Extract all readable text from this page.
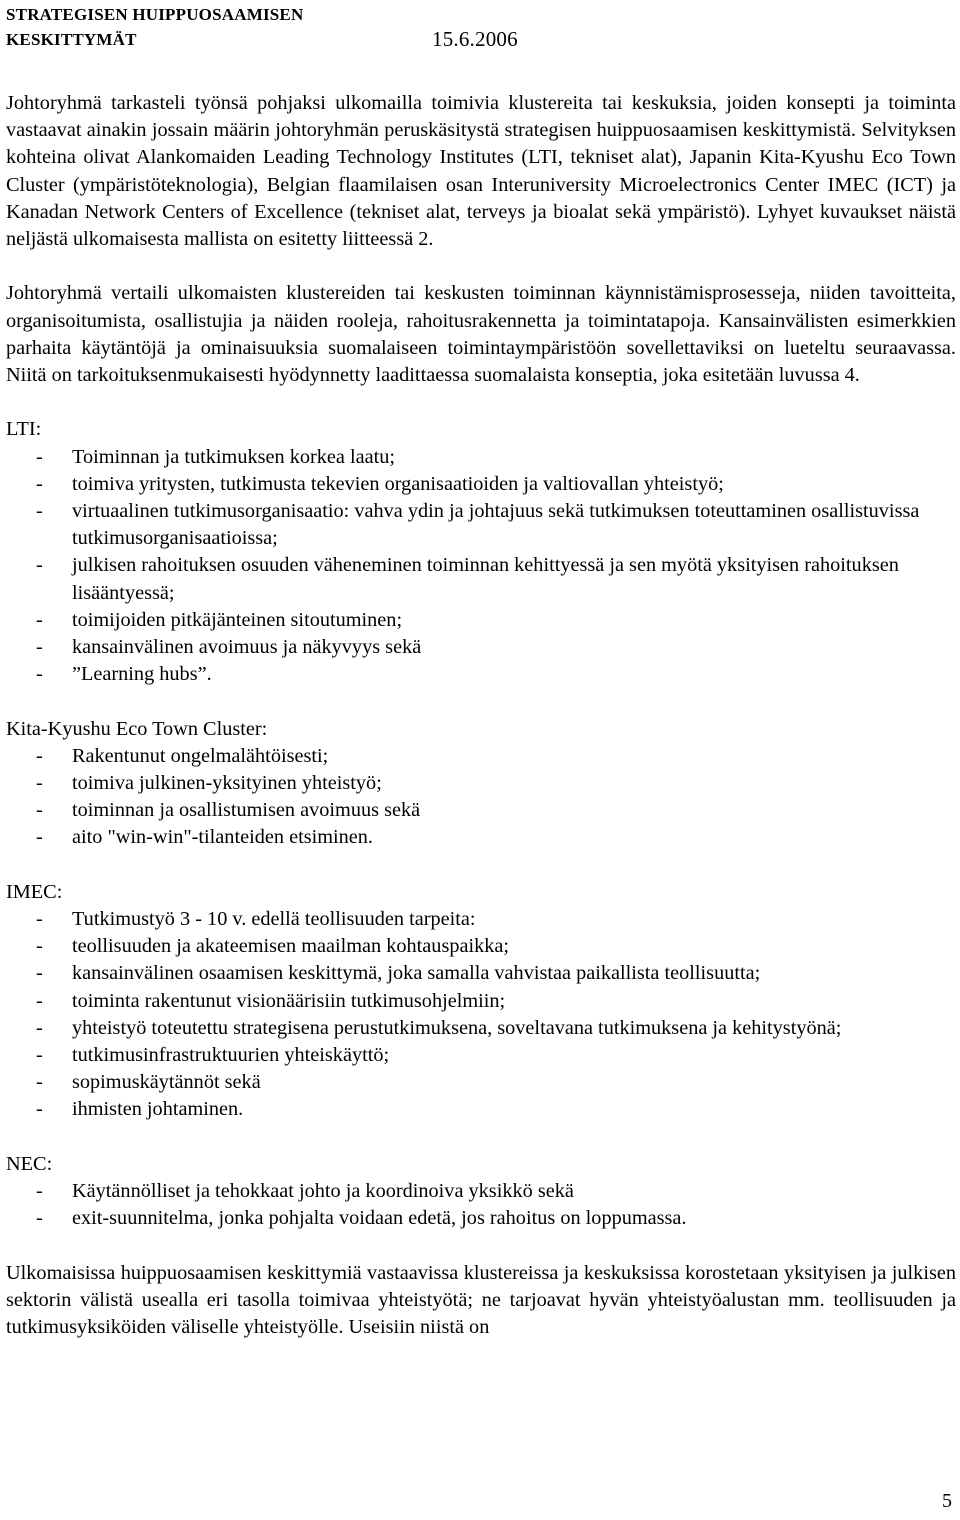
STRATEGISEN HUIPPUOSAAMISEN
KESKITTYMÄT	15.6.2006

Johtoryhmä tarkasteli työnsä pohjaksi ulkomailla toimivia klustereita tai keskuksia, joiden konsepti ja toiminta vastaavat ainakin jossain määrin johtoryhmän peruskäsitystä strategisen huippuosaamisen keskittymistä. Selvityksen kohteina olivat Alankomaiden Leading Technology Institutes (LTI, tekniset alat), Japanin Kita-Kyushu Eco Town Cluster (ympäristöteknologia), Belgian flaamilaisen osan Interuniversity Microelectronics Center IMEC (ICT) ja Kanadan Network Centers of Excellence (tekniset alat, terveys ja bioalat sekä ympäristö). Lyhyet kuvaukset näistä neljästä ulkomaisesta mallista on esitetty liitteessä 2.

Johtoryhmä vertaili ulkomaisten klustereiden tai keskusten toiminnan käynnistämisprosesseja, niiden tavoitteita, organisoitumista, osallistujia ja näiden rooleja, rahoitusrakennetta ja toimintatapoja. Kansainvälisten esimerkkien parhaita käytäntöjä ja ominaisuuksia suomalaiseen toimintaympäristöön sovellettaviksi on lueteltu seuraavassa. Niitä on tarkoituksenmukaisesti hyödynnetty laadittaessa suomalaista konseptia, joka esitetään luvussa 4.

LTI:
- Toiminnan ja tutkimuksen korkea laatu;
- toimiva yritysten, tutkimusta tekevien organisaatioiden ja valtiovallan yhteistyö;
- virtuaalinen tutkimusorganisaatio: vahva ydin ja johtajuus sekä tutkimuksen toteuttaminen osallistuvissa tutkimusorganisaatioissa;
- julkisen rahoituksen osuuden väheneminen toiminnan kehittyessä ja sen myötä yksityisen rahoituksen lisääntyessä;
- toimijoiden pitkäjänteinen sitoutuminen;
- kansainvälinen avoimuus ja näkyvyys sekä
- ”Learning hubs”.
Kita-Kyushu Eco Town Cluster:
- Rakentunut ongelmalähtöisesti;
- toimiva julkinen-yksityinen yhteistyö;
- toiminnan ja osallistumisen avoimuus sekä
- aito "win-win"-tilanteiden etsiminen.
IMEC:
- Tutkimustyö 3 - 10 v. edellä teollisuuden tarpeita:
- teollisuuden ja akateemisen maailman kohtauspaikka;
- kansainvälinen osaamisen keskittymä, joka samalla vahvistaa paikallista teollisuutta;
- toiminta rakentunut visionäärisiin tutkimusohjelmiin;
- yhteistyö toteutettu strategisena perustutkimuksena, soveltavana tutkimuksena ja kehitystyönä;
- tutkimusinfrastruktuurien yhteiskäyttö;
- sopimuskäytännöt sekä
- ihmisten johtaminen.
NEC:
- Käytännölliset ja tehokkaat johto ja koordinoiva yksikkö sekä
- exit-suunnitelma, jonka pohjalta voidaan edetä, jos rahoitus on loppumassa.

Ulkomaisissa huippuosaamisen keskittymiä vastaavissa klustereissa ja keskuksissa korostetaan yksityisen ja julkisen sektorin välistä usealla eri tasolla toimivaa yhteistyötä; ne tarjoavat hyvän yhteistyöalustan mm. teollisuuden ja tutkimusyksiköiden väliselle yhteistyölle. Useisiin niistä on

5
